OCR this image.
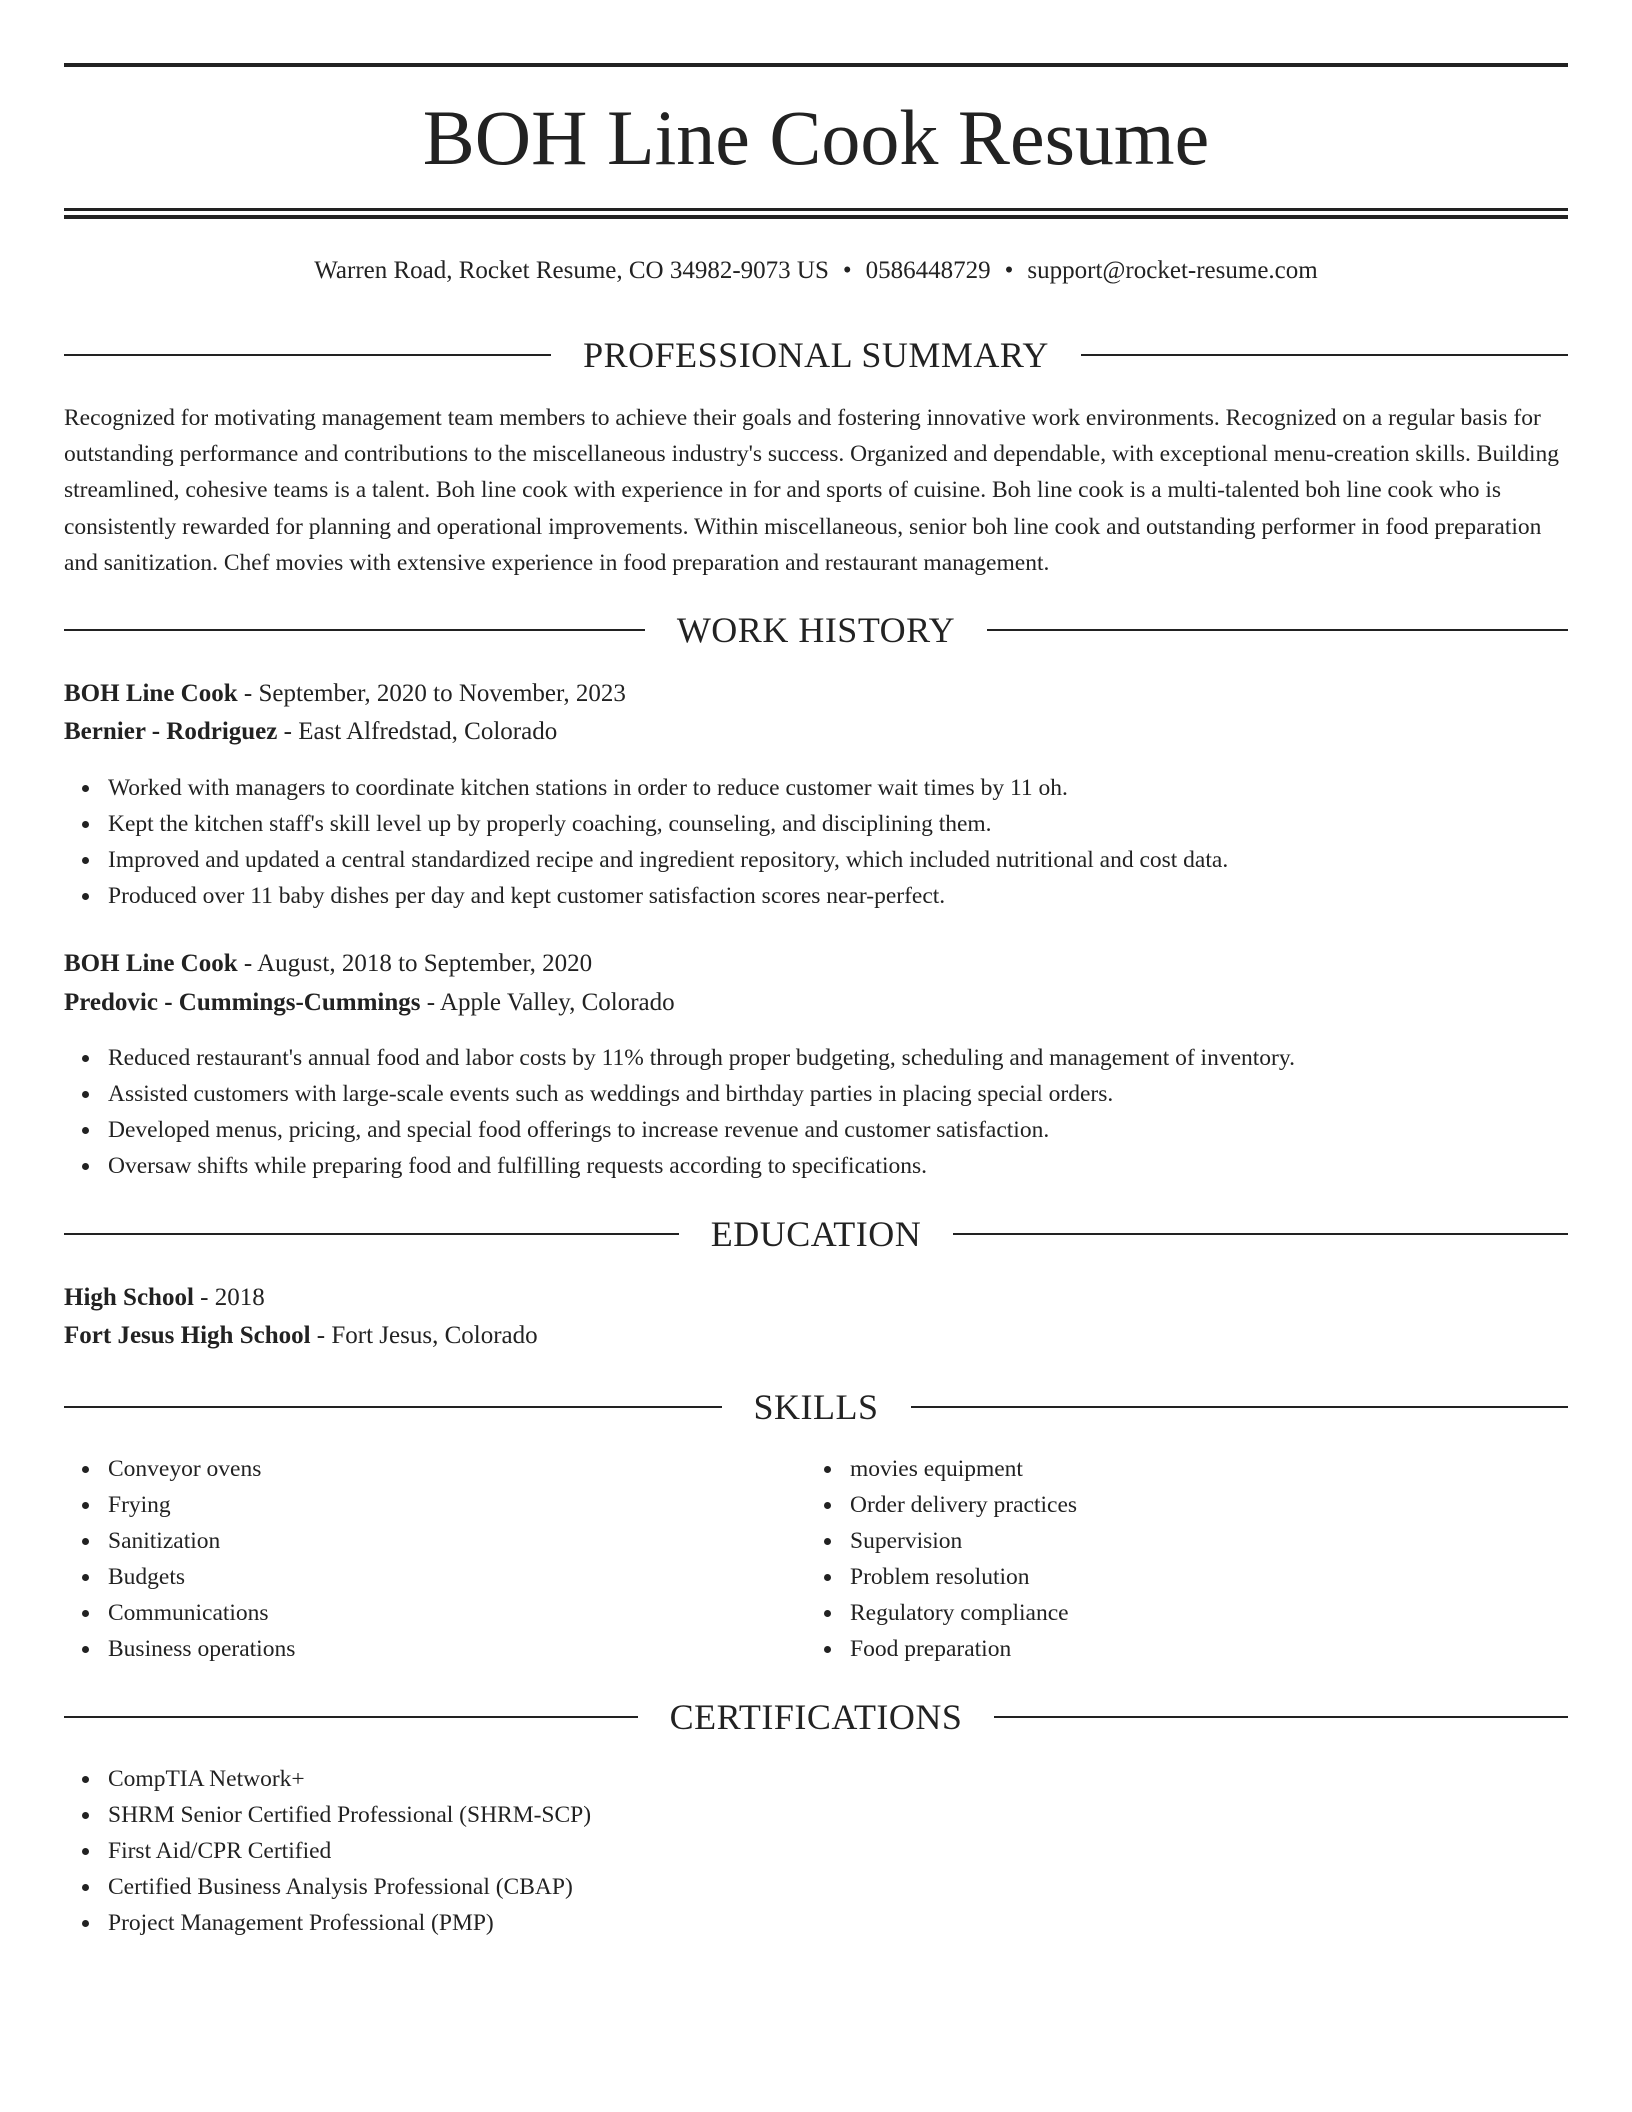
BOH Line Cook Resume
Warren Road, Rocket Resume, CO 34982-9073 US • 0586448729 • support@rocket-resume.com
PROFESSIONAL SUMMARY

Recognized for motivating management team members to achieve their goals and fostering innovative work environments. Recognized on a regular basis for outstanding performance and contributions to the miscellaneous industry's success. Organized and dependable, with exceptional menu-creation skills. Building streamlined, cohesive teams is a talent. Boh line cook with experience in for and sports of cuisine. Boh line cook is a multi-talented boh line cook who is consistently rewarded for planning and operational improvements. Within miscellaneous, senior boh line cook and outstanding performer in food preparation and sanitization. Chef movies with extensive experience in food preparation and restaurant management.

WORK HISTORY
BOH Line Cook - September, 2020 to November, 2023
Bernier - Rodriguez - East Alfredstad, Colorado
Worked with managers to coordinate kitchen stations in order to reduce customer wait times by 11 oh.
Kept the kitchen staff's skill level up by properly coaching, counseling, and disciplining them.
Improved and updated a central standardized recipe and ingredient repository, which included nutritional and cost data.
Produced over 11 baby dishes per day and kept customer satisfaction scores near-perfect.
BOH Line Cook - August, 2018 to September, 2020
Predovic - Cummings-Cummings - Apple Valley, Colorado
Reduced restaurant's annual food and labor costs by 11% through proper budgeting, scheduling and management of inventory.
Assisted customers with large-scale events such as weddings and birthday parties in placing special orders.
Developed menus, pricing, and special food offerings to increase revenue and customer satisfaction.
Oversaw shifts while preparing food and fulfilling requests according to specifications.
EDUCATION
High School - 2018
Fort Jesus High School - Fort Jesus, Colorado
SKILLS
Conveyor ovens
Frying
Sanitization
Budgets
Communications
Business operations
movies equipment
Order delivery practices
Supervision
Problem resolution
Regulatory compliance
Food preparation
CERTIFICATIONS
CompTIA Network+
SHRM Senior Certified Professional (SHRM-SCP)
First Aid/CPR Certified
Certified Business Analysis Professional (CBAP)
Project Management Professional (PMP)
